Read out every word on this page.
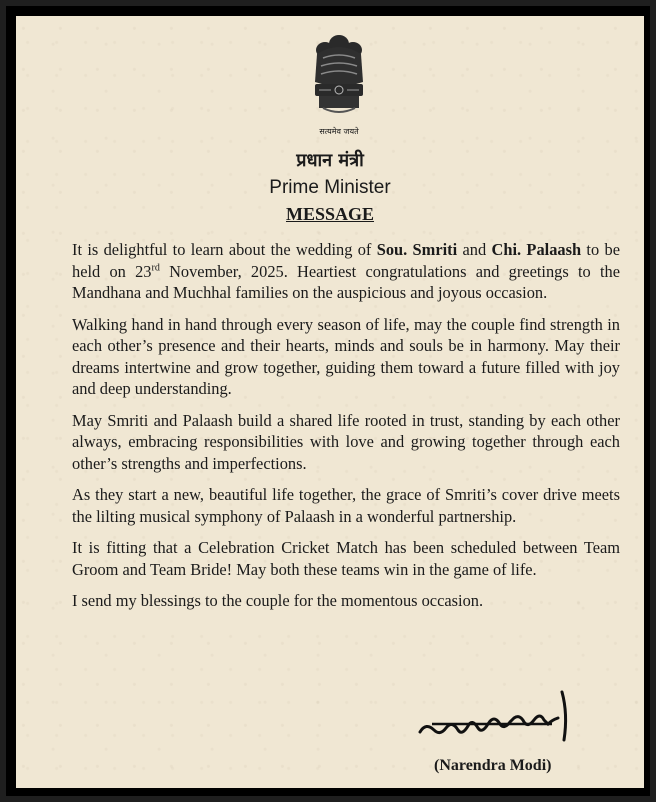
सत्यमेव जयते
प्रधान मंत्री
Prime Minister
MESSAGE

It is delightful to learn about the wedding of Sou. Smriti and Chi. Palaash to be held on 23rd November, 2025. Heartiest congratulations and greetings to the Mandhana and Muchhal families on the auspicious and joyous occasion.

Walking hand in hand through every season of life, may the couple find strength in each other’s presence and their hearts, minds and souls be in harmony. May their dreams intertwine and grow together, guiding them toward a future filled with joy and deep understanding.

May Smriti and Palaash build a shared life rooted in trust, standing by each other always, embracing responsibilities with love and growing together through each other’s strengths and imperfections.

As they start a new, beautiful life together, the grace of Smriti’s cover drive meets the lilting musical symphony of Palaash in a wonderful partnership.

It is fitting that a Celebration Cricket Match has been scheduled between Team Groom and Team Bride! May both these teams win in the game of life.

I send my blessings to the couple for the momentous occasion.

(Narendra Modi)
